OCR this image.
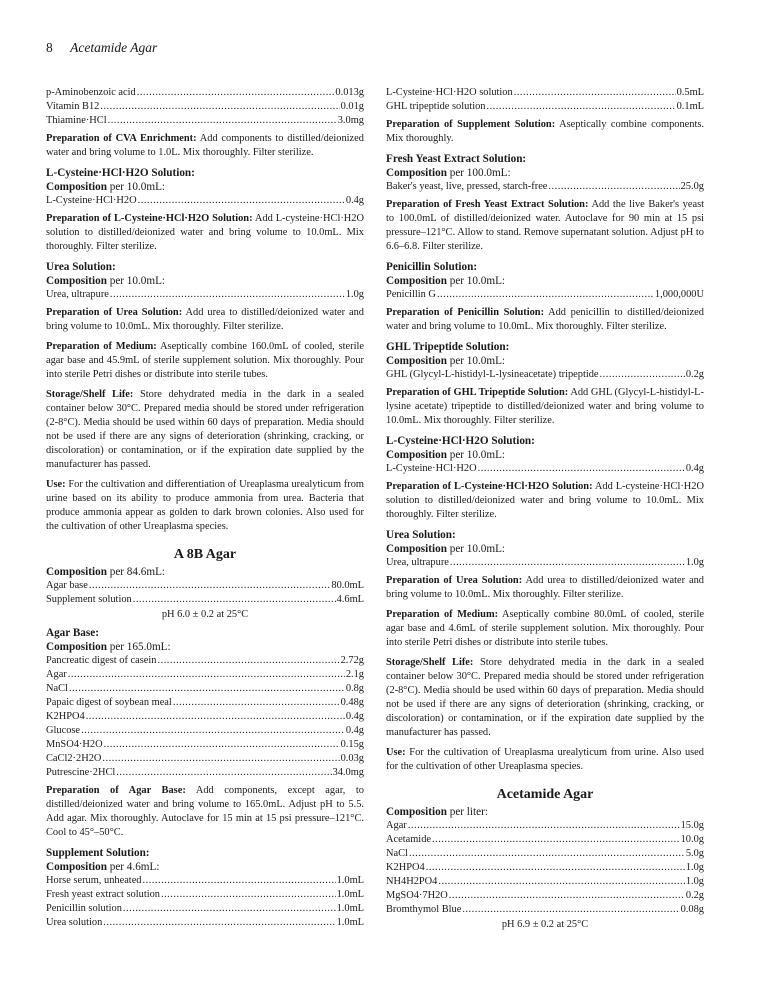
8 Acetamide Agar
p-Aminobenzoic acid .....	0.013g
Vitamin B12 .....	0.01g
Thiamine·HCl .....	3.0mg
Preparation of CVA Enrichment: Add components to distilled/deionized water and bring volume to 1.0L. Mix thoroughly. Filter sterilize.
L-Cysteine·HCl·H2O Solution:
Composition per 10.0mL:
L-Cysteine·HCl·H2O .....	0.4g
Preparation of L-Cysteine·HCl·H2O Solution: Add L-cysteine·HCl·H2O solution to distilled/deionized water and bring volume to 10.0mL. Mix thoroughly. Filter sterilize.
Urea Solution:
Composition per 10.0mL:
Urea, ultrapure .....	1.0g
Preparation of Urea Solution: Add urea to distilled/deionized water and bring volume to 10.0mL. Mix thoroughly. Filter sterilize.
Preparation of Medium: Aseptically combine 160.0mL of cooled, sterile agar base and 45.9mL of sterile supplement solution. Mix thoroughly. Pour into sterile Petri dishes or distribute into sterile tubes.
Storage/Shelf Life: Store dehydrated media in the dark in a sealed container below 30°C. Prepared media should be stored under refrigeration (2-8°C). Media should be used within 60 days of preparation. Media should not be used if there are any signs of deterioration (shrinking, cracking, or discoloration) or contamination, or if the expiration date supplied by the manufacturer has passed.
Use: For the cultivation and differentiation of Ureaplasma urealyticum from urine based on its ability to produce ammonia from urea. Bacteria that produce ammonia appear as golden to dark brown colonies. Also used for the cultivation of other Ureaplasma species.
A 8B Agar
Composition per 84.6mL:
Agar base .....	80.0mL
Supplement solution .....	4.6mL
pH 6.0 ± 0.2 at 25°C
Agar Base:
Composition per 165.0mL:
Pancreatic digest of casein .....	2.72g
Agar .....	2.1g
NaCl .....	0.8g
Papaic digest of soybean meal .....	0.48g
K2HPO4 .....	0.4g
Glucose .....	0.4g
MnSO4·H2O .....	0.15g
CaCl2·2H2O .....	0.03g
Putrescine·2HCl .....	34.0mg
Preparation of Agar Base: Add components, except agar, to distilled/deionized water and bring volume to 165.0mL. Adjust pH to 5.5. Add agar. Mix thoroughly. Autoclave for 15 min at 15 psi pressure–121°C. Cool to 45°–50°C.
Supplement Solution:
Composition per 4.6mL:
Horse serum, unheated .....	1.0mL
Fresh yeast extract solution .....	1.0mL
Penicillin solution .....	1.0mL
Urea solution .....	1.0mL
L-Cysteine·HCl·H2O solution .....	0.5mL
GHL tripeptide solution .....	0.1mL
Preparation of Supplement Solution: Aseptically combine components. Mix thoroughly.
Fresh Yeast Extract Solution:
Composition per 100.0mL:
Baker's yeast, live, pressed, starch-free .....	25.0g
Preparation of Fresh Yeast Extract Solution: Add the live Baker's yeast to 100.0mL of distilled/deionized water. Autoclave for 90 min at 15 psi pressure–121°C. Allow to stand. Remove supernatant solution. Adjust pH to 6.6–6.8. Filter sterilize.
Penicillin Solution:
Composition per 10.0mL:
Penicillin G .....	1,000,000U
Preparation of Penicillin Solution: Add penicillin to distilled/deionized water and bring volume to 10.0mL. Mix thoroughly. Filter sterilize.
GHL Tripeptide Solution:
Composition per 10.0mL:
GHL (Glycyl-L-histidyl-L-lysineacetate) tripeptide .....	0.2g
Preparation of GHL Tripeptide Solution: Add GHL (Glycyl-L-histidyl-L-lysine acetate) tripeptide to distilled/deionized water and bring volume to 10.0mL. Mix thoroughly. Filter sterilize.
L-Cysteine·HCl·H2O Solution:
Composition per 10.0mL:
L-Cysteine·HCl·H2O .....	0.4g
Preparation of L-Cysteine·HCl·H2O Solution: Add L-cysteine·HCl·H2O solution to distilled/deionized water and bring volume to 10.0mL. Mix thoroughly. Filter sterilize.
Urea Solution:
Composition per 10.0mL:
Urea, ultrapure .....	1.0g
Preparation of Urea Solution: Add urea to distilled/deionized water and bring volume to 10.0mL. Mix thoroughly. Filter sterilize.
Preparation of Medium: Aseptically combine 80.0mL of cooled, sterile agar base and 4.6mL of sterile supplement solution. Mix thoroughly. Pour into sterile Petri dishes or distribute into sterile tubes.
Storage/Shelf Life: Store dehydrated media in the dark in a sealed container below 30°C. Prepared media should be stored under refrigeration (2-8°C). Media should be used within 60 days of preparation. Media should not be used if there are any signs of deterioration (shrinking, cracking, or discoloration) or contamination, or if the expiration date supplied by the manufacturer has passed.
Use: For the cultivation of Ureaplasma urealyticum from urine. Also used for the cultivation of other Ureaplasma species.
Acetamide Agar
Composition per liter:
Agar .....	15.0g
Acetamide .....	10.0g
NaCl .....	5.0g
K2HPO4 .....	1.0g
NH4H2PO4 .....	1.0g
MgSO4·7H2O .....	0.2g
Bromthymol Blue .....	0.08g
pH 6.9 ± 0.2 at 25°C
